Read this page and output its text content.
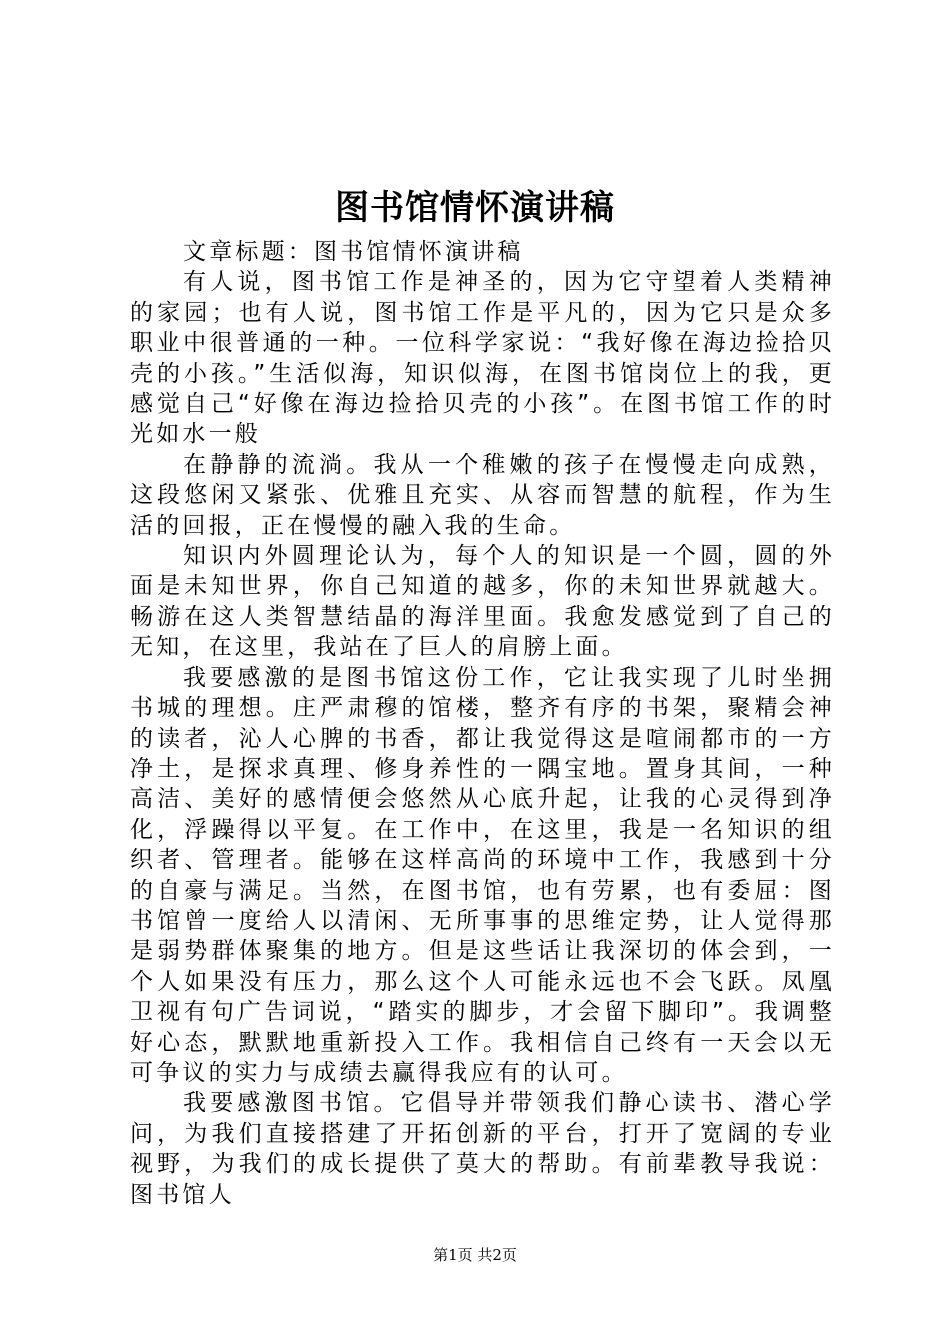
图书馆情怀演讲稿

文章标题：图书馆情怀演讲稿

有人说，图书馆工作是神圣的，因为它守望着人类精神的家园；也有人说，图书馆工作是平凡的，因为它只是众多职业中很普通的一种。一位科学家说：“我好像在海边捡拾贝壳的小孩。”生活似海，知识似海，在图书馆岗位上的我，更感觉自己“好像在海边捡拾贝壳的小孩”。在图书馆工作的时光如水一般

在静静的流淌。我从一个稚嫩的孩子在慢慢走向成熟，这段悠闲又紧张、优雅且充实、从容而智慧的航程，作为生活的回报，正在慢慢的融入我的生命。

知识内外圆理论认为，每个人的知识是一个圆，圆的外面是未知世界，你自己知道的越多，你的未知世界就越大。畅游在这人类智慧结晶的海洋里面。我愈发感觉到了自己的无知，在这里，我站在了巨人的肩膀上面。

我要感激的是图书馆这份工作，它让我实现了儿时坐拥书城的理想。庄严肃穆的馆楼，整齐有序的书架，聚精会神的读者，沁人心脾的书香，都让我觉得这是喧闹都市的一方净土，是探求真理、修身养性的一隅宝地。置身其间，一种高洁、美好的感情便会悠然从心底升起，让我的心灵得到净化，浮躁得以平复。在工作中，在这里，我是一名知识的组织者、管理者。能够在这样高尚的环境中工作，我感到十分的自豪与满足。当然，在图书馆，也有劳累，也有委屈：图书馆曾一度给人以清闲、无所事事的思维定势，让人觉得那是弱势群体聚集的地方。但是这些话让我深切的体会到，一个人如果没有压力，那么这个人可能永远也不会飞跃。凤凰卫视有句广告词说，“踏实的脚步，才会留下脚印”。我调整好心态，默默地重新投入工作。我相信自己终有一天会以无可争议的实力与成绩去赢得我应有的认可。

我要感激图书馆。它倡导并带领我们静心读书、潜心学问，为我们直接搭建了开拓创新的平台，打开了宽阔的专业视野，为我们的成长提供了莫大的帮助。有前辈教导我说：图书馆人

第1页 共2页
